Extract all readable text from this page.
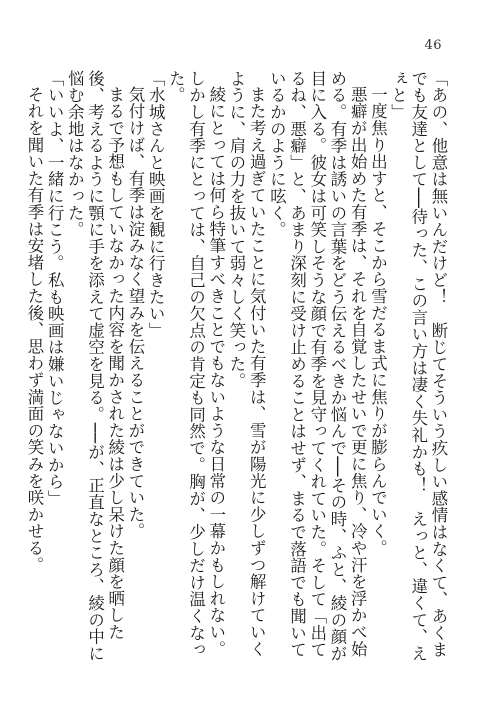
46

「あの、他意は無いんだけど！　断じてそういう疚しい感情はなくて、あくまでも友達として──待った、この言い方は凄く失礼かも！　えっと、違くて、えぇと」

一度焦り出すと、そこから雪だるま式に焦りが膨らんでいく。

悪癖が出始めた有季は、それを自覚したせいで更に焦り、冷や汗を浮かべ始める。有季は誘いの言葉をどう伝えるべきか悩んで──その時、ふと、綾の顔が目に入る。彼女は可笑しそうな顔で有季を見守ってくれていた。そして「出てるね、悪癖」と、あまり深刻に受け止めることはせず、まるで落語でも聞いているかのように呟く。

また考え過ぎていたことに気付いた有季は、雪が陽光に少しずつ解けていくように、肩の力を抜いて弱々しく笑った。

綾にとっては何ら特筆すべきことでもないような日常の一幕かもしれない。しかし有季にとっては、自己の欠点の肯定も同然で。胸が、少しだけ温くなった。

「水城さんと映画を観に行きたい」

気付けば、有季は淀みなく望みを伝えることができていた。

まるで予想もしていなかった内容を聞かされた綾は少し呆けた顔を晒した後、考えるように顎に手を添えて虚空を見る。──が、正直なところ、綾の中に悩む余地はなかった。

「いいよ、一緒に行こう。私も映画は嫌いじゃないから」

それを聞いた有季は安堵した後、思わず満面の笑みを咲かせる。
